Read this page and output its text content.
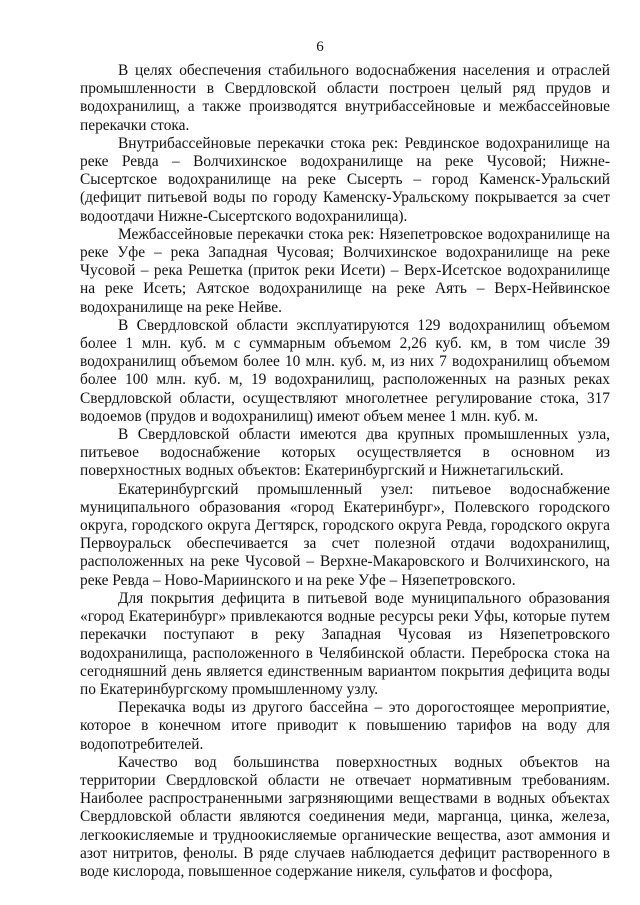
6

В целях обеспечения стабильного водоснабжения населения и отраслей промышленности в Свердловской области построен целый ряд прудов и водохранилищ, а также производятся внутрибассейновые и межбассейновые перекачки стока.

Внутрибассейновые перекачки стока рек: Ревдинское водохранилище на реке Ревда – Волчихинское водохранилище на реке Чусовой; Нижне-Сысертское водохранилище на реке Сысерть – город Каменск-Уральский (дефицит питьевой воды по городу Каменску-Уральскому покрывается за счет водоотдачи Нижне-Сысертского водохранилища).

Межбассейновые перекачки стока рек: Нязепетровское водохранилище на реке Уфе – река Западная Чусовая; Волчихинское водохранилище на реке Чусовой – река Решетка (приток реки Исети) – Верх-Исетское водохранилище на реке Исеть; Аятское водохранилище на реке Аять – Верх-Нейвинское водохранилище на реке Нейве.

В Свердловской области эксплуатируются 129 водохранилищ объемом более 1 млн. куб. м с суммарным объемом 2,26 куб. км, в том числе 39 водохранилищ объемом более 10 млн. куб. м, из них 7 водохранилищ объемом более 100 млн. куб. м, 19 водохранилищ, расположенных на разных реках Свердловской области, осуществляют многолетнее регулирование стока, 317 водоемов (прудов и водохранилищ) имеют объем менее 1 млн. куб. м.

В Свердловской области имеются два крупных промышленных узла, питьевое водоснабжение которых осуществляется в основном из поверхностных водных объектов: Екатеринбургский и Нижнетагильский.

Екатеринбургский промышленный узел: питьевое водоснабжение муниципального образования «город Екатеринбург», Полевского городского округа, городского округа Дегтярск, городского округа Ревда, городского округа Первоуральск обеспечивается за счет полезной отдачи водохранилищ, расположенных на реке Чусовой – Верхне-Макаровского и Волчихинского, на реке Ревда – Ново-Мариинского и на реке Уфе – Нязепетровского.

Для покрытия дефицита в питьевой воде муниципального образования «город Екатеринбург» привлекаются водные ресурсы реки Уфы, которые путем перекачки поступают в реку Западная Чусовая из Нязепетровского водохранилища, расположенного в Челябинской области. Переброска стока на сегодняшний день является единственным вариантом покрытия дефицита воды по Екатеринбургскому промышленному узлу.

Перекачка воды из другого бассейна – это дорогостоящее мероприятие, которое в конечном итоге приводит к повышению тарифов на воду для водопотребителей.

Качество вод большинства поверхностных водных объектов на территории Свердловской области не отвечает нормативным требованиям. Наиболее распространенными загрязняющими веществами в водных объектах Свердловской области являются соединения меди, марганца, цинка, железа, легкоокисляемые и трудноокисляемые органические вещества, азот аммония и азот нитритов, фенолы. В ряде случаев наблюдается дефицит растворенного в воде кислорода, повышенное содержание никеля, сульфатов и фосфора,
